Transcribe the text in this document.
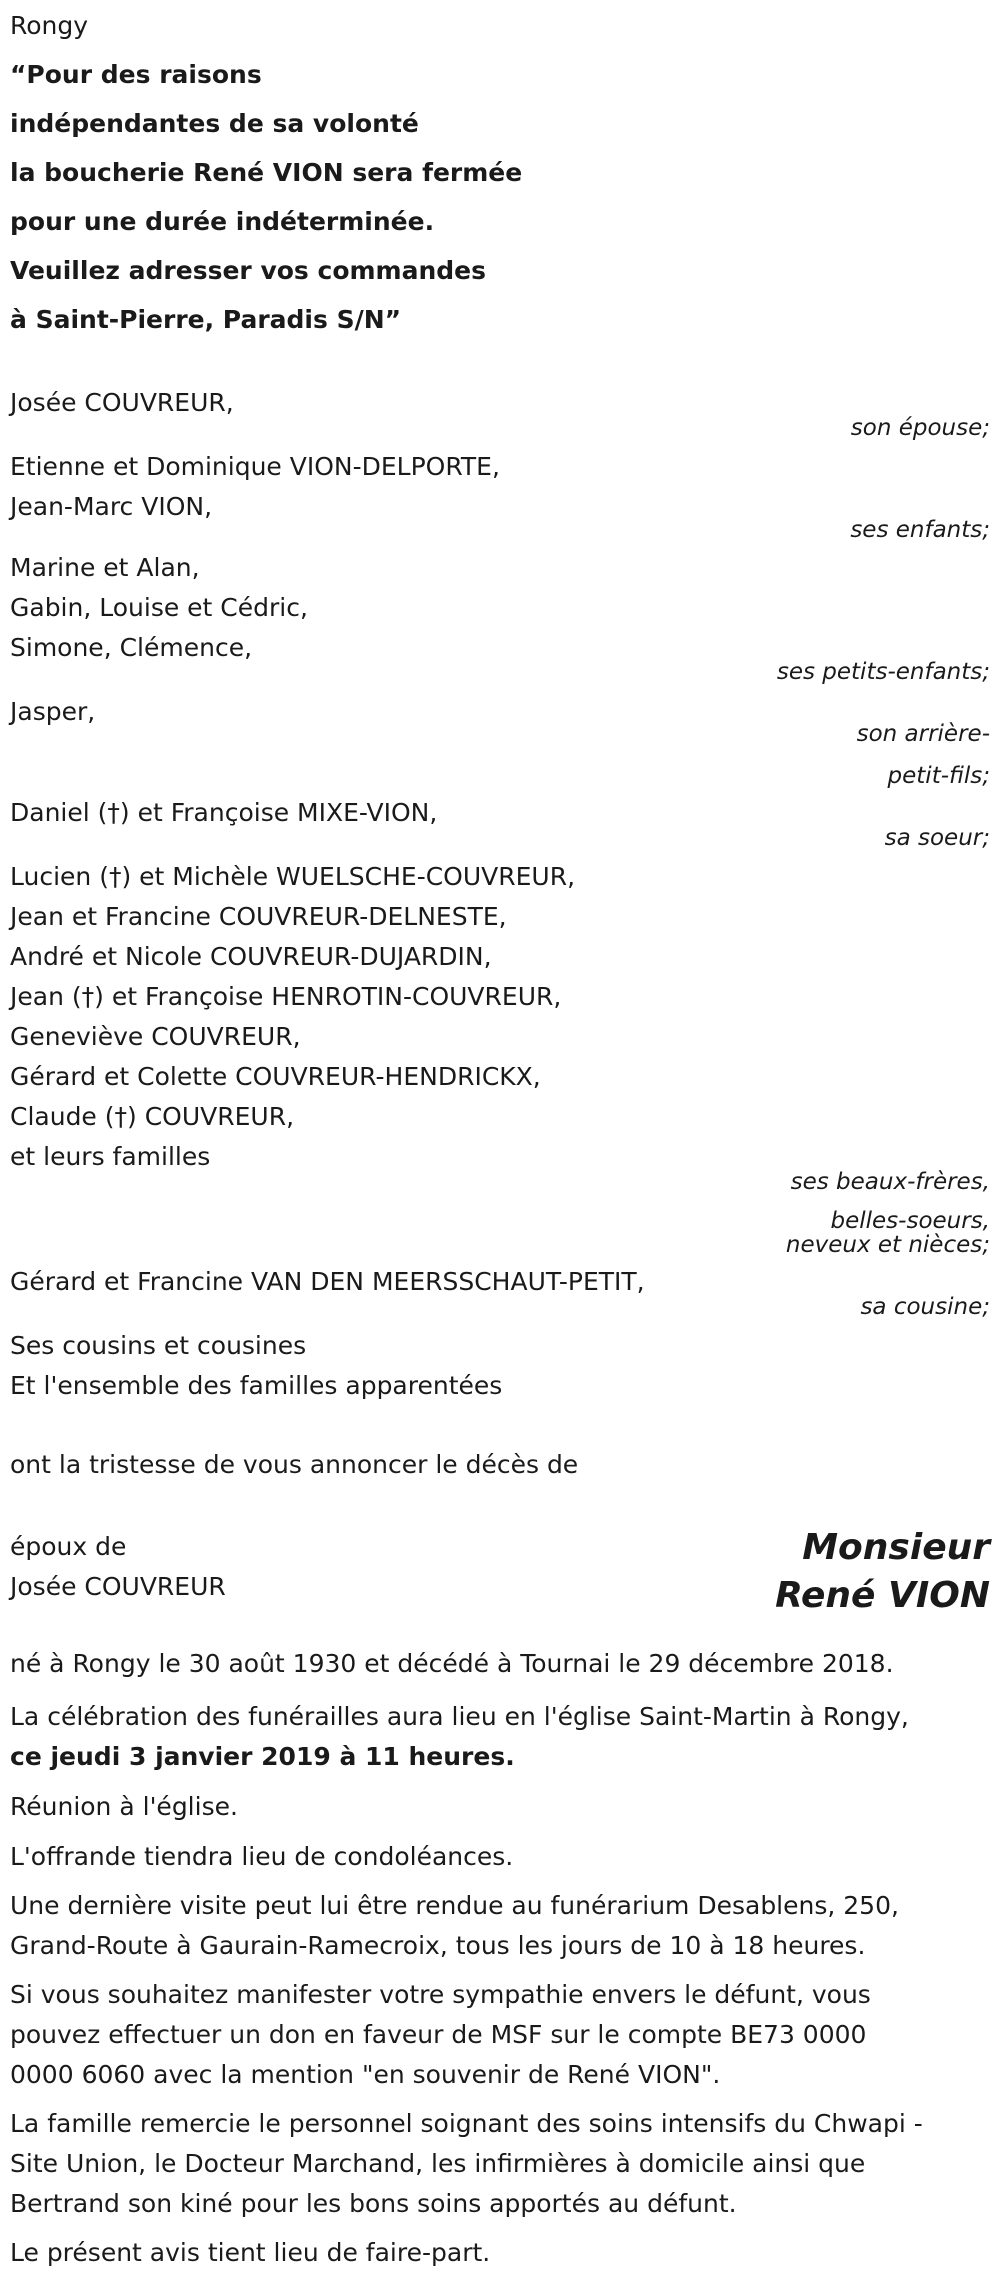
Rongy

“Pour des raisons

indépendantes de sa volonté

la boucherie René VION sera fermée

pour une durée indéterminée.

Veuillez adresser vos commandes

à Saint-Pierre, Paradis S/N”

Josée COUVREUR,

son épouse;

Etienne et Dominique VION-DELPORTE,

Jean-Marc VION,

ses enfants;

Marine et Alan,

Gabin, Louise et Cédric,

Simone, Clémence,

ses petits-enfants;

Jasper,

son arrière-

petit-fils;

Daniel (†) et Françoise MIXE-VION,

sa soeur;

Lucien (†) et Michèle WUELSCHE-COUVREUR,

Jean et Francine COUVREUR-DELNESTE,

André et Nicole COUVREUR-DUJARDIN,

Jean (†) et Françoise HENROTIN-COUVREUR,

Geneviève COUVREUR,

Gérard et Colette COUVREUR-HENDRICKX,

Claude (†) COUVREUR,

et leurs familles

ses beaux-frères,

belles-soeurs,

neveux et nièces;

Gérard et Francine VAN DEN MEERSSCHAUT-PETIT,

sa cousine;

Ses cousins et cousines

Et l'ensemble des familles apparentées

ont la tristesse de vous annoncer le décès de

époux de

Josée COUVREUR

Monsieur

René VION

né à Rongy le 30 août 1930 et décédé à Tournai le 29 décembre 2018.

La célébration des funérailles aura lieu en l'église Saint-Martin à Rongy,

ce jeudi 3 janvier 2019 à 11 heures.

Réunion à l'église.

L'offrande tiendra lieu de condoléances.

Une dernière visite peut lui être rendue au funérarium Desablens, 250,

Grand-Route à Gaurain-Ramecroix, tous les jours de 10 à 18 heures.

Si vous souhaitez manifester votre sympathie envers le défunt, vous

pouvez effectuer un don en faveur de MSF sur le compte BE73 0000

0000 6060 avec la mention "en souvenir de René VION".

La famille remercie le personnel soignant des soins intensifs du Chwapi -

Site Union, le Docteur Marchand, les infirmières à domicile ainsi que

Bertrand son kiné pour les bons soins apportés au défunt.

Le présent avis tient lieu de faire-part.
